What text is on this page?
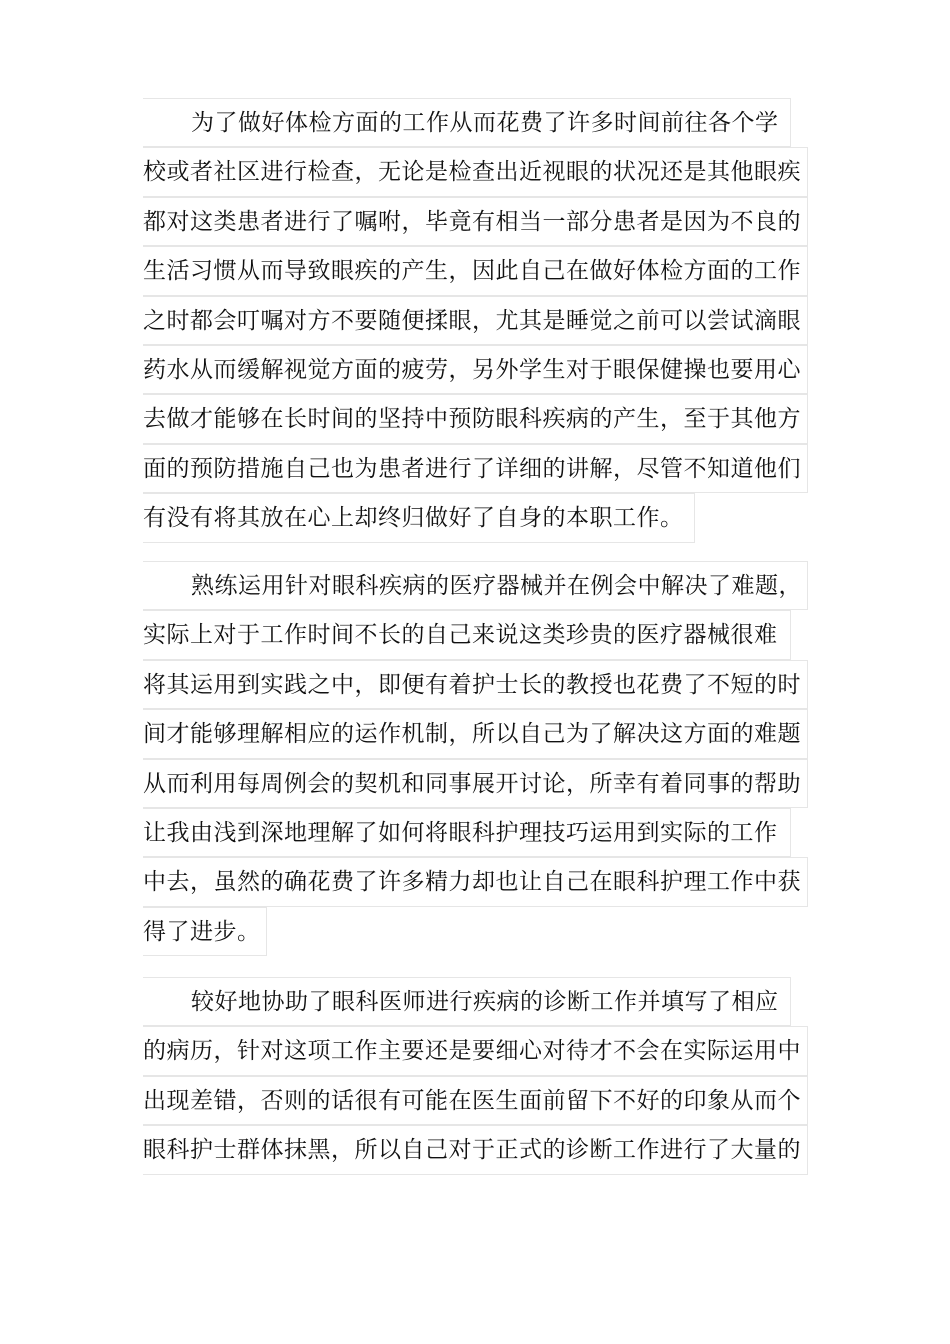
为了做好体检方面的工作从而花费了许多时间前往各个学
校或者社区进行检查，无论是检查出近视眼的状况还是其他眼疾
都对这类患者进行了嘱咐，毕竟有相当一部分患者是因为不良的
生活习惯从而导致眼疾的产生，因此自己在做好体检方面的工作
之时都会叮嘱对方不要随便揉眼，尤其是睡觉之前可以尝试滴眼
药水从而缓解视觉方面的疲劳，另外学生对于眼保健操也要用心
去做才能够在长时间的坚持中预防眼科疾病的产生，至于其他方
面的预防措施自己也为患者进行了详细的讲解，尽管不知道他们
有没有将其放在心上却终归做好了自身的本职工作。
熟练运用针对眼科疾病的医疗器械并在例会中解决了难题，
实际上对于工作时间不长的自己来说这类珍贵的医疗器械很难
将其运用到实践之中，即便有着护士长的教授也花费了不短的时
间才能够理解相应的运作机制，所以自己为了解决这方面的难题
从而利用每周例会的契机和同事展开讨论，所幸有着同事的帮助
让我由浅到深地理解了如何将眼科护理技巧运用到实际的工作
中去，虽然的确花费了许多精力却也让自己在眼科护理工作中获
得了进步。
较好地协助了眼科医师进行疾病的诊断工作并填写了相应
的病历，针对这项工作主要还是要细心对待才不会在实际运用中
出现差错，否则的话很有可能在医生面前留下不好的印象从而个
眼科护士群体抹黑，所以自己对于正式的诊断工作进行了大量的
